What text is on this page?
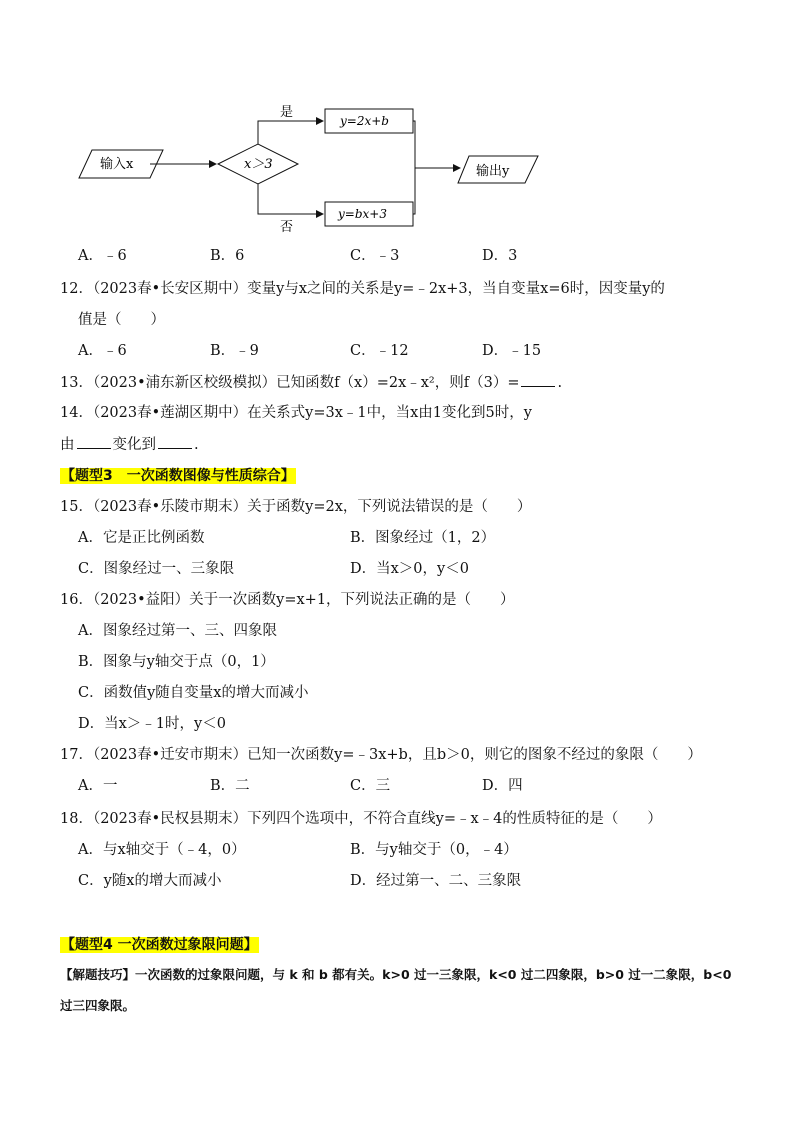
输入x	x＞3
是
y=2x+b
否
y=bx+3
输出y
A．﹣6	B．6	C．﹣3	D．3
12．（2023春•长安区期中）变量y与x之间的关系是y=﹣2x+3，当自变量x=6时，因变量y的
值是（　　）
A．﹣6	B．﹣9	C．﹣12	D．﹣15
13．（2023•浦东新区校级模拟）已知函数f（x）=2x﹣x²，则f（3）=	.
14．（2023春•莲湖区期中）在关系式y=3x﹣1中，当x由1变化到5时，y
由	变化到	.
【题型3　一次函数图像与性质综合】
15．（2023春•乐陵市期末）关于函数y=2x，下列说法错误的是（　　）
A．它是正比例函数	B．图象经过（1，2）
C．图象经过一、三象限	D．当x＞0，y＜0
16．（2023•益阳）关于一次函数y=x+1，下列说法正确的是（　　）
A．图象经过第一、三、四象限
B．图象与y轴交于点（0，1）
C．函数值y随自变量x的增大而减小
D．当x＞﹣1时，y＜0
17．（2023春•迁安市期末）已知一次函数y=﹣3x+b，且b＞0，则它的图象不经过的象限（　　）
A．一	B．二	C．三	D．四
18．（2023春•民权县期末）下列四个选项中，不符合直线y=﹣x﹣4的性质特征的是（　　）
A．与x轴交于（﹣4，0）	B．与y轴交于（0，﹣4）
C．y随x的增大而减小	D．经过第一、二、三象限
【题型4 一次函数过象限问题】
【解题技巧】一次函数的过象限问题，与 k 和 b 都有关。k>0 过一三象限，k<0 过二四象限，b>0 过一二象限，b<0
过三四象限。
